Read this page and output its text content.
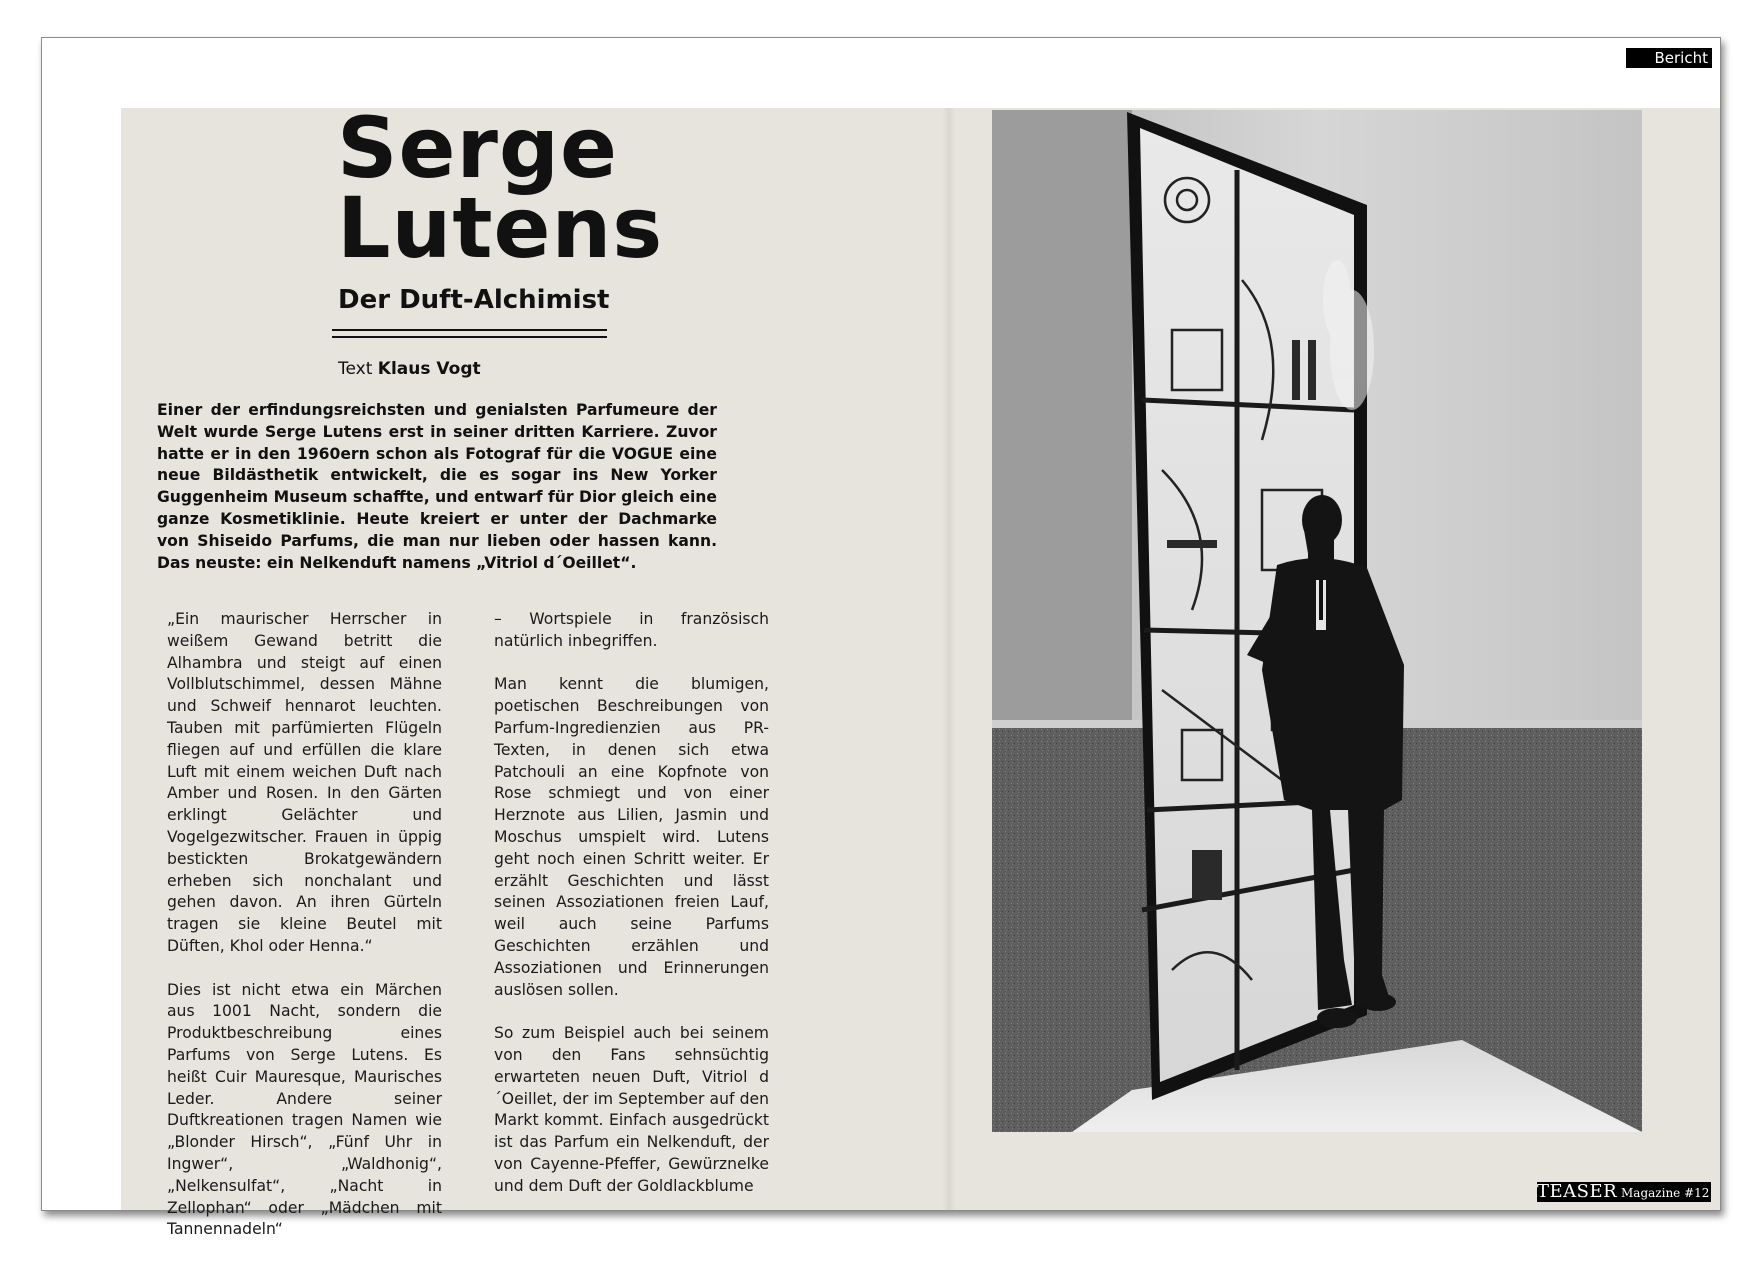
Bericht
Serge
Lutens
Der Duft-Alchimist
Text Klaus Vogt

Einer der erfindungsreichsten und genialsten Parfumeure der Welt wurde Serge Lutens erst in seiner dritten Karriere. Zuvor hatte er in den 1960ern schon als Fotograf für die VOGUE eine neue Bildästhetik entwickelt, die es sogar ins New Yorker Guggenheim Museum schaffte, und entwarf für Dior gleich eine ganze Kosmetiklinie. Heute kreiert er unter der Dachmarke von Shiseido Parfums, die man nur lieben oder hassen kann. Das neuste: ein Nelkenduft namens „Vitriol d´Oeillet“.

„Ein maurischer Herrscher in weißem Gewand betritt die Alhambra und steigt auf einen Vollblutschimmel, dessen Mähne und Schweif hennarot leuchten. Tauben mit parfümierten Flügeln fliegen auf und erfüllen die klare Luft mit einem weichen Duft nach Amber und Rosen. In den Gärten erklingt Gelächter und Vogelgezwitscher. Frauen in üppig bestickten Brokatgewändern erheben sich nonchalant und gehen davon. An ihren Gürteln tragen sie kleine Beutel mit Düften, Khol oder Henna.“

Dies ist nicht etwa ein Märchen aus 1001 Nacht, sondern die Produktbeschreibung eines Parfums von Serge Lutens. Es heißt Cuir Mauresque, Maurisches Leder. Andere seiner Duftkreationen tragen Namen wie „Blonder Hirsch“, „Fünf Uhr in Ingwer“, „Waldhonig“, „Nelkensulfat“, „Nacht in Zellophan“ oder „Mädchen mit Tannennadeln“

– Wortspiele in französisch natürlich inbegriffen.

Man kennt die blumigen, poetischen Beschreibungen von Parfum-Ingredienzien aus PR-Texten, in denen sich etwa Patchouli an eine Kopfnote von Rose schmiegt und von einer Herznote aus Lilien, Jasmin und Moschus umspielt wird. Lutens geht noch einen Schritt weiter. Er erzählt Geschichten und lässt seinen Assoziationen freien Lauf, weil auch seine Parfums Geschichten erzählen und Assoziationen und Erinnerungen auslösen sollen.

So zum Beispiel auch bei seinem von den Fans sehnsüchtig erwarteten neuen Duft, Vitriol d´Oeillet, der im September auf den Markt kommt. Einfach ausgedrückt ist das Parfum ein Nelkenduft, der von Cayenne-Pfeffer, Gewürznelke und dem Duft der Goldlackblume	TEASER Magazine #12
